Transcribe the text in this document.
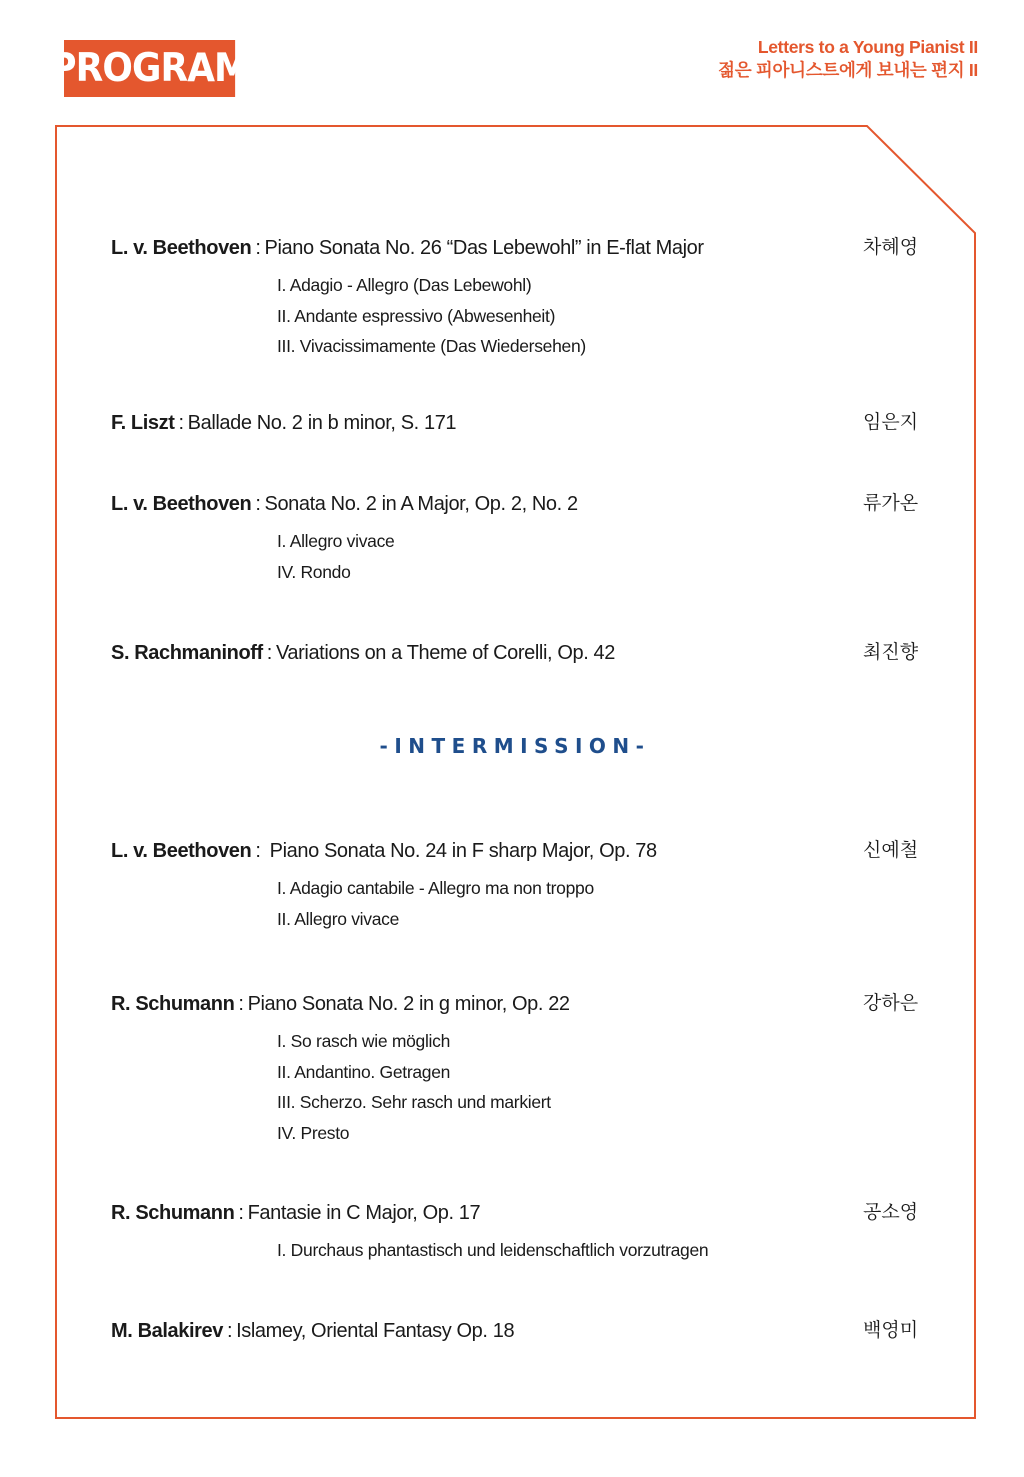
PROGRAM	Letters to a Young Pianist II
젊은 피아니스트에게 보내는 편지 II
L. v. Beethoven : Piano Sonata No. 26 “Das Lebewohl” in E-flat Major	차혜영
I. Adagio - Allegro (Das Lebewohl)
II. Andante espressivo (Abwesenheit)
III. Vivacissimamente (Das Wiedersehen)
F. Liszt : Ballade No. 2 in b minor, S. 171	임은지
L. v. Beethoven : Sonata No. 2 in A Major, Op. 2, No. 2	류가온
I. Allegro vivace
IV. Rondo
S. Rachmaninoff : Variations on a Theme of Corelli, Op. 42	최진향
L. v. Beethoven : Piano Sonata No. 24 in F sharp Major, Op. 78	신예철
I. Adagio cantabile - Allegro ma non troppo
II. Allegro vivace
R. Schumann : Piano Sonata No. 2 in g minor, Op. 22	강하은
I. So rasch wie möglich
II. Andantino. Getragen
III. Scherzo. Sehr rasch und markiert
IV. Presto
R. Schumann : Fantasie in C Major, Op. 17	공소영
I. Durchaus phantastisch und leidenschaftlich vorzutragen
M. Balakirev : Islamey, Oriental Fantasy Op. 18	백영미
-INTERMISSION-
